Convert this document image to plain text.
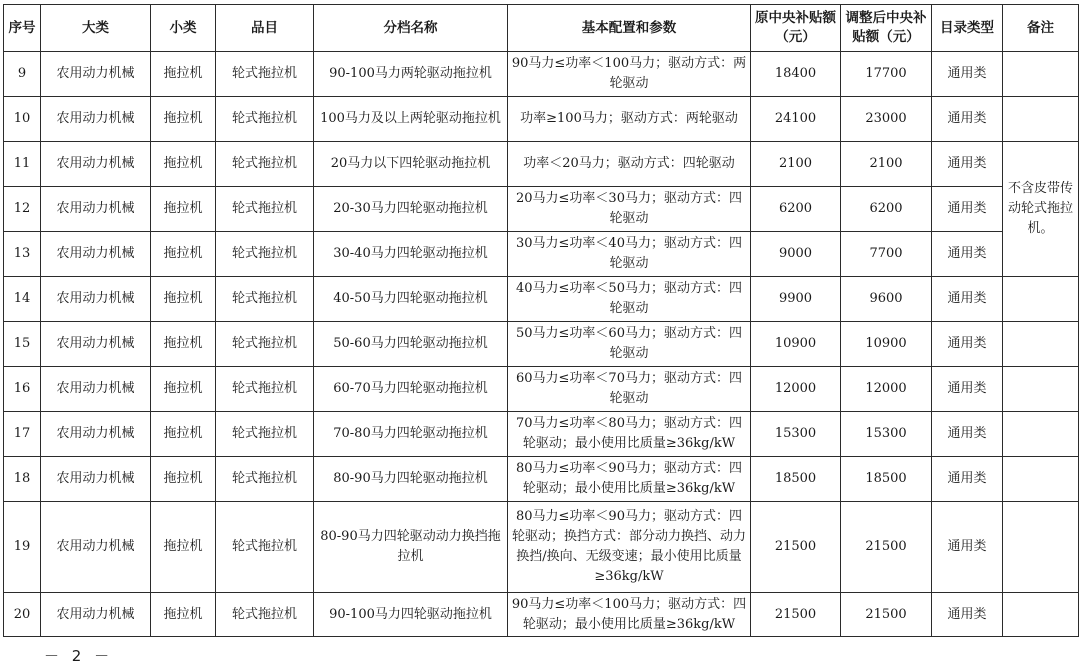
序号	大类	小类	品目	分档名称	基本配置和参数	原中央补贴额（元）	调整后中央补贴额（元）	目录类型	备注
9	农用动力机械	拖拉机	轮式拖拉机	90-100马力两轮驱动拖拉机	90马力≤功率＜100马力；驱动方式：两轮驱动	18400	17700	通用类	
10	农用动力机械	拖拉机	轮式拖拉机	100马力及以上两轮驱动拖拉机	功率≥100马力；驱动方式：两轮驱动	24100	23000	通用类	
11	农用动力机械	拖拉机	轮式拖拉机	20马力以下四轮驱动拖拉机	功率＜20马力；驱动方式：四轮驱动	2100	2100	通用类	不含皮带传动轮式拖拉机。
12	农用动力机械	拖拉机	轮式拖拉机	20-30马力四轮驱动拖拉机	20马力≤功率＜30马力；驱动方式：四轮驱动	6200	6200	通用类	
13	农用动力机械	拖拉机	轮式拖拉机	30-40马力四轮驱动拖拉机	30马力≤功率＜40马力；驱动方式：四轮驱动	9000	7700	通用类	
14	农用动力机械	拖拉机	轮式拖拉机	40-50马力四轮驱动拖拉机	40马力≤功率＜50马力；驱动方式：四轮驱动	9900	9600	通用类	
15	农用动力机械	拖拉机	轮式拖拉机	50-60马力四轮驱动拖拉机	50马力≤功率＜60马力；驱动方式：四轮驱动	10900	10900	通用类	
16	农用动力机械	拖拉机	轮式拖拉机	60-70马力四轮驱动拖拉机	60马力≤功率＜70马力；驱动方式：四轮驱动	12000	12000	通用类	
17	农用动力机械	拖拉机	轮式拖拉机	70-80马力四轮驱动拖拉机	70马力≤功率＜80马力；驱动方式：四轮驱动；最小使用比质量≥36kg/kW	15300	15300	通用类	
18	农用动力机械	拖拉机	轮式拖拉机	80-90马力四轮驱动拖拉机	80马力≤功率＜90马力；驱动方式：四轮驱动；最小使用比质量≥36kg/kW	18500	18500	通用类	
19	农用动力机械	拖拉机	轮式拖拉机	80-90马力四轮驱动动力换挡拖拉机	80马力≤功率＜90马力；驱动方式：四轮驱动；换挡方式：部分动力换挡、动力换挡/换向、无级变速；最小使用比质量≥36kg/kW	21500	21500	通用类	
20	农用动力机械	拖拉机	轮式拖拉机	90-100马力四轮驱动拖拉机	90马力≤功率＜100马力；驱动方式：四轮驱动；最小使用比质量≥36kg/kW	21500	21500	通用类	
－ 2 －
